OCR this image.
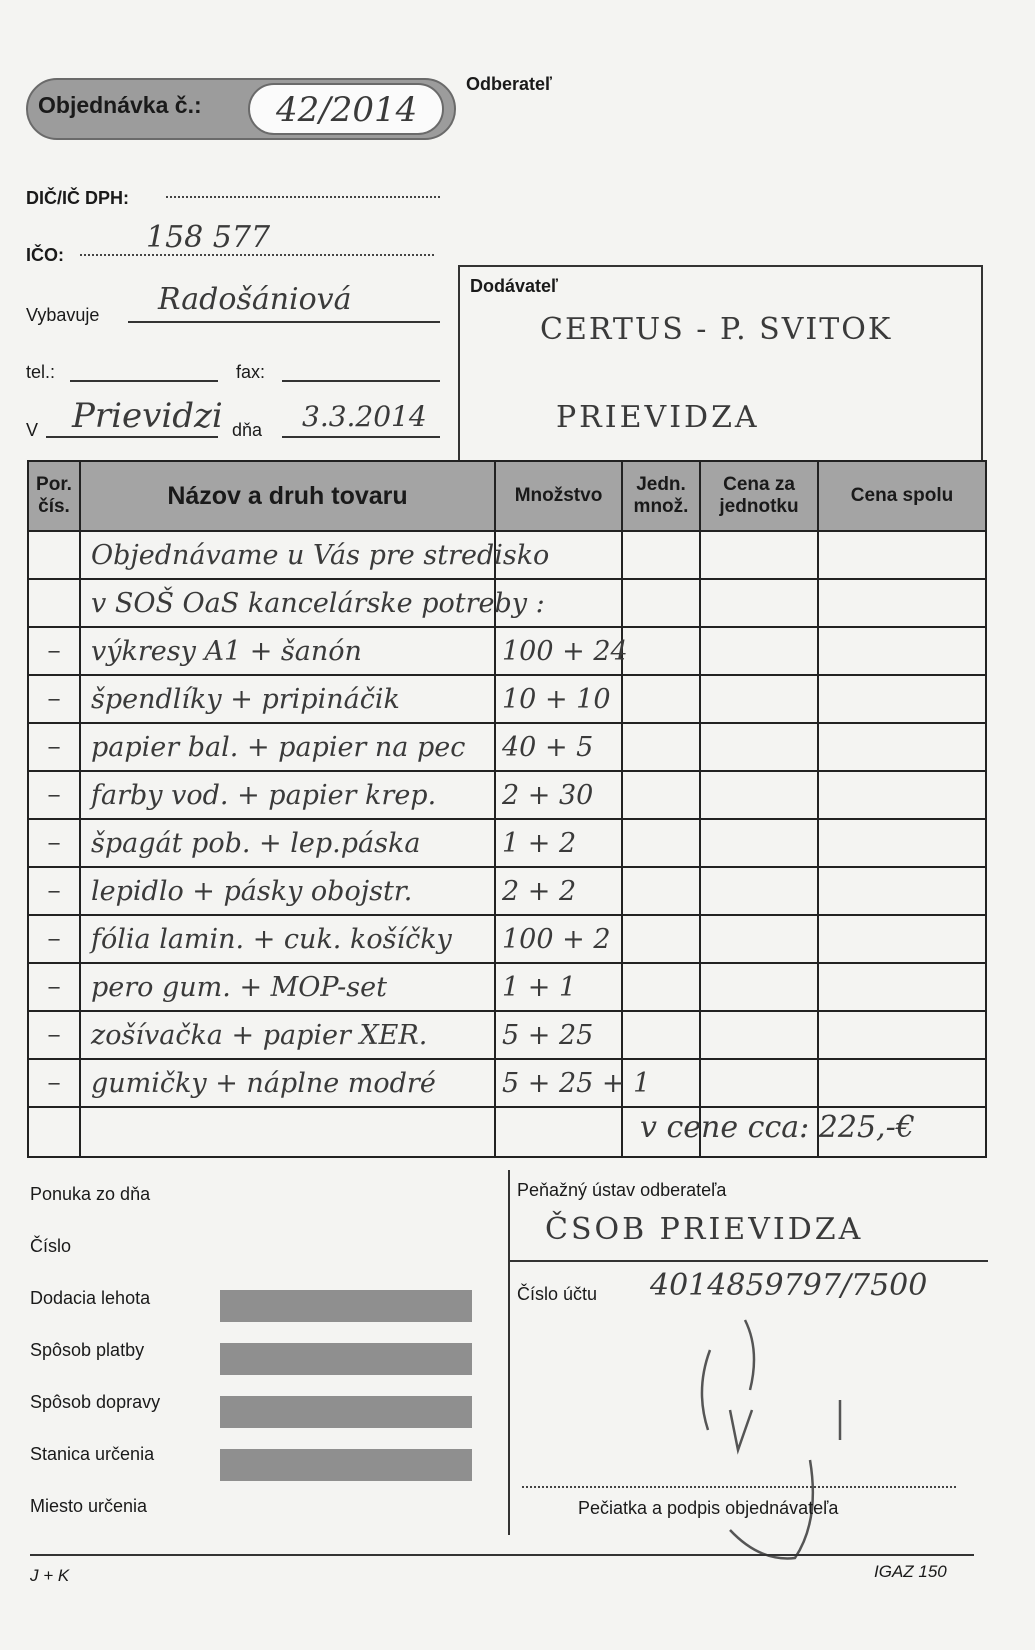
Objednávka č.: 42/2014
Odberateľ
DIČ/IČ DPH:
IČO:	158 577
Vybavuje Radošániová
tel.:	fax:
V Prievidzi dňa 3.3.2014
Dodávateľ
CERTUS - P. SVITOK
PRIEVIDZA
Por. čís.	Názov a druh tovaru	Množstvo	Jedn. množ.	Cena za jednotku	Cena spolu
	Objednávame u Vás pre stredisko				
	v SOŠ OaS kancelárske potreby :				
–	výkresy A1 + šanón	100 + 24			
–	špendlíky + pripináčik	10 + 10			
–	papier bal. + papier na pec	40 + 5			
–	farby vod. + papier krep.	2 + 30			
–	špagát pob. + lep.páska	1 + 2			
–	lepidlo + pásky obojstr.	2 + 2			
–	fólia lamin. + cuk. košíčky	100 + 2			
–	pero gum. + MOP-set	1 + 1			
–	zošívačka + papier XER.	5 + 25			
–	gumičky + náplne modré	5 + 25 + 1			

v cene cca: 225,-€
Ponuka zo dňa
Číslo
Dodacia lehota
Spôsob platby
Spôsob dopravy
Stanica určenia
Miesto určenia
Peňažný ústav odberateľa
ČSOB PRIEVIDZA
Číslo účtu 4014859797/7500
Pečiatka a podpis objednávateľa
J + K	IGAZ 150
